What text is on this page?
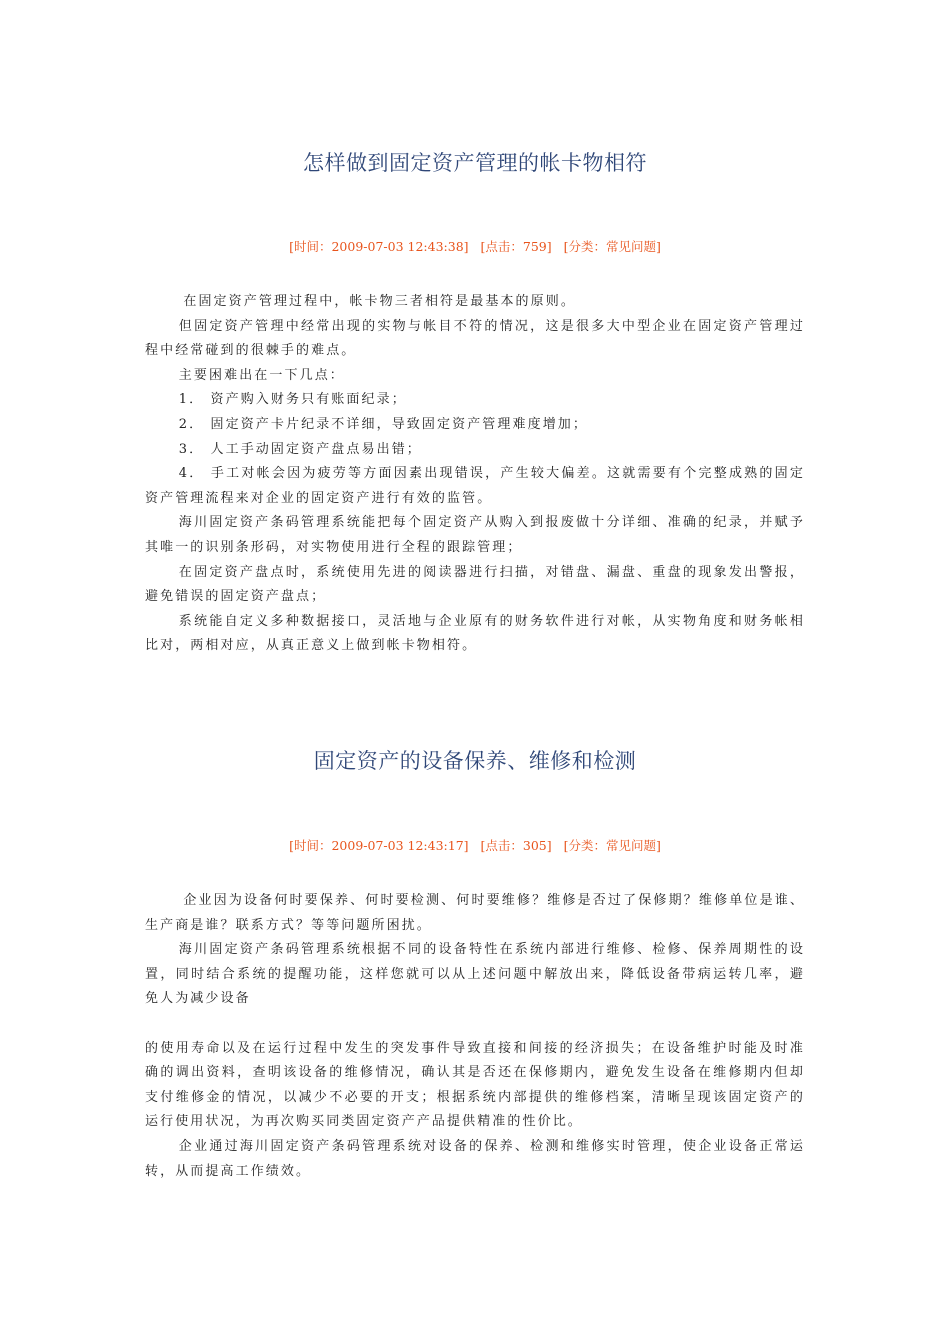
怎样做到固定资产管理的帐卡物相符
[时间：2009-07-03 12:43:38] [点击：759] [分类：常见问题]

在固定资产管理过程中，帐卡物三者相符是最基本的原则。

但固定资产管理中经常出现的实物与帐目不符的情况，这是很多大中型企业在固定资产管理过程中经常碰到的很棘手的难点。

主要困难出在一下几点：

1． 资产购入财务只有账面纪录；

2． 固定资产卡片纪录不详细，导致固定资产管理难度增加；

3． 人工手动固定资产盘点易出错；

4． 手工对帐会因为疲劳等方面因素出现错误，产生较大偏差。这就需要有个完整成熟的固定资产管理流程来对企业的固定资产进行有效的监管。

海川固定资产条码管理系统能把每个固定资产从购入到报废做十分详细、准确的纪录，并赋予其唯一的识别条形码，对实物使用进行全程的跟踪管理；

在固定资产盘点时，系统使用先进的阅读器进行扫描，对错盘、漏盘、重盘的现象发出警报，避免错误的固定资产盘点；

系统能自定义多种数据接口，灵活地与企业原有的财务软件进行对帐，从实物角度和财务帐相比对，两相对应，从真正意义上做到帐卡物相符。

固定资产的设备保养、维修和检测
[时间：2009-07-03 12:43:17] [点击：305] [分类：常见问题]

企业因为设备何时要保养、何时要检测、何时要维修？维修是否过了保修期？维修单位是谁、生产商是谁？联系方式？等等问题所困扰。

海川固定资产条码管理系统根据不同的设备特性在系统内部进行维修、检修、保养周期性的设置，同时结合系统的提醒功能，这样您就可以从上述问题中解放出来，降低设备带病运转几率，避免人为减少设备

的使用寿命以及在运行过程中发生的突发事件导致直接和间接的经济损失；在设备维护时能及时准确的调出资料，查明该设备的维修情况，确认其是否还在保修期内，避免发生设备在维修期内但却支付维修金的情况，以减少不必要的开支；根据系统内部提供的维修档案，清晰呈现该固定资产的运行使用状况，为再次购买同类固定资产产品提供精准的性价比。

企业通过海川固定资产条码管理系统对设备的保养、检测和维修实时管理，使企业设备正常运转，从而提高工作绩效。
